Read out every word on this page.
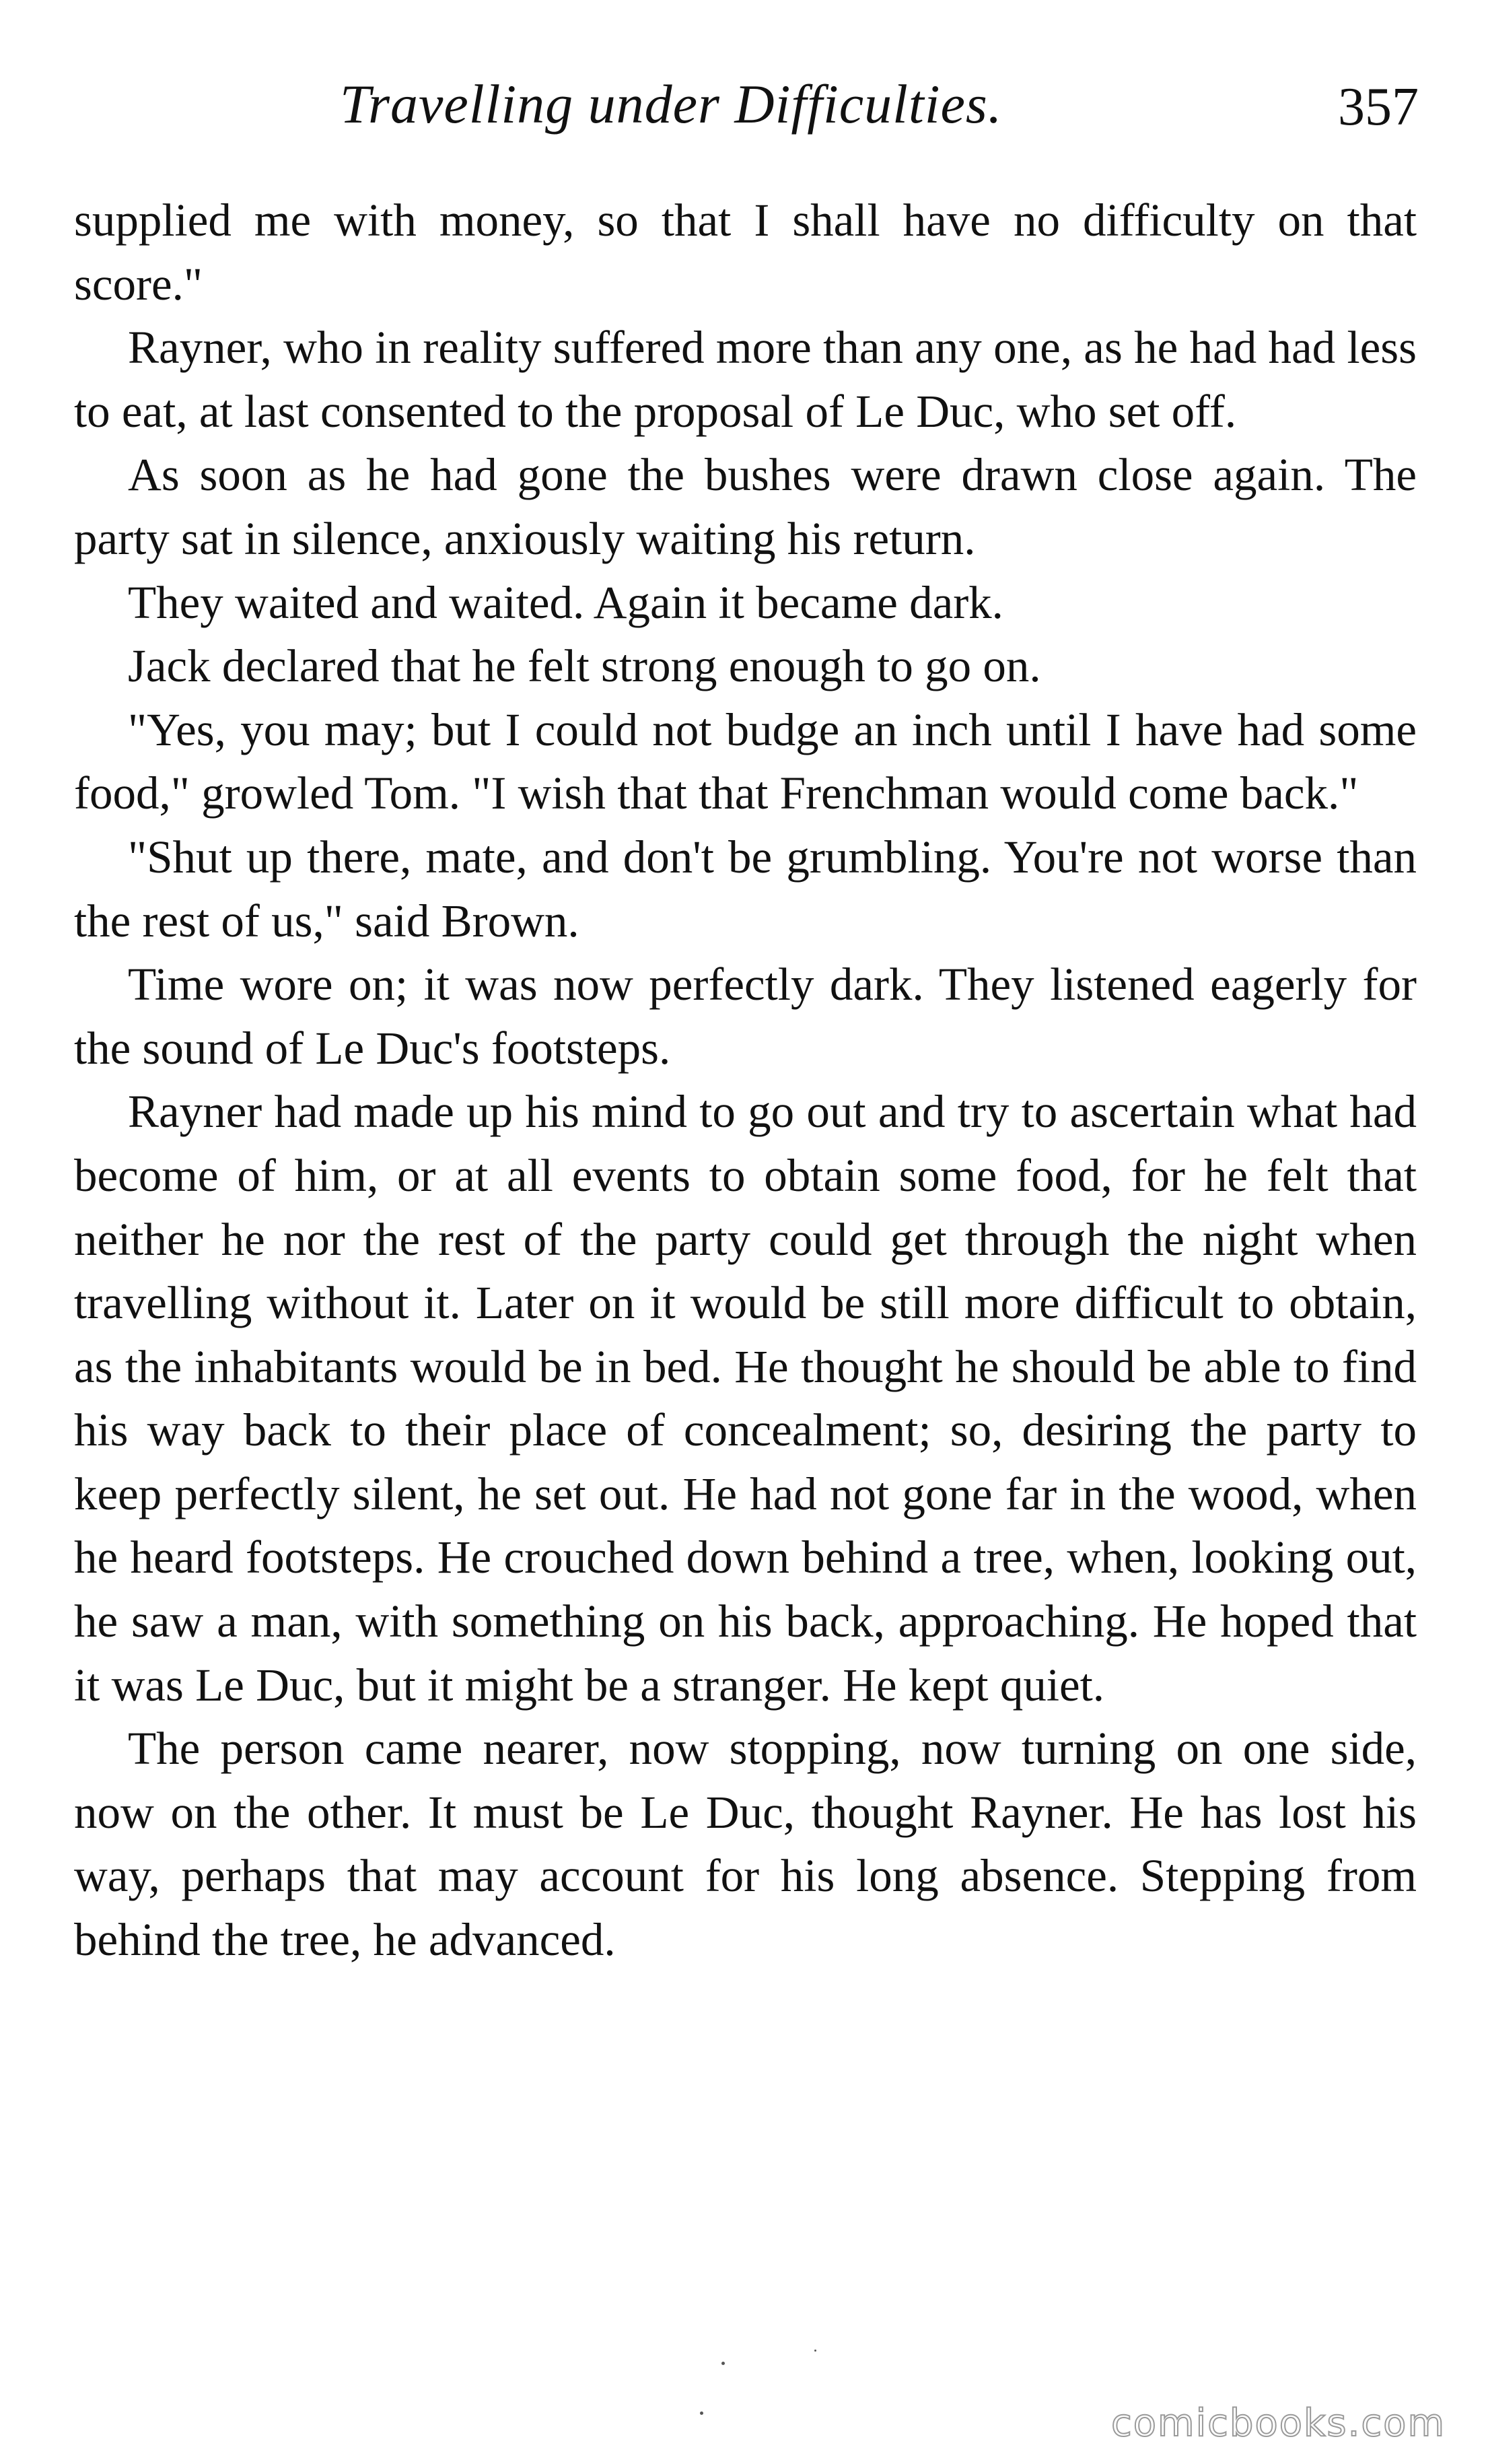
Travelling under Difficulties.	357

supplied me with money, so that I shall have no difficulty on that score."

Rayner, who in reality suffered more than any one, as he had had less to eat, at last consented to the proposal of Le Duc, who set off.

As soon as he had gone the bushes were drawn close again. The party sat in silence, anxiously waiting his return.

They waited and waited. Again it became dark.

Jack declared that he felt strong enough to go on.

"Yes, you may; but I could not budge an inch until I have had some food," growled Tom. "I wish that that Frenchman would come back."

"Shut up there, mate, and don't be grumbling. You're not worse than the rest of us," said Brown.

Time wore on; it was now perfectly dark. They listened eagerly for the sound of Le Duc's footsteps.

Rayner had made up his mind to go out and try to ascertain what had become of him, or at all events to obtain some food, for he felt that neither he nor the rest of the party could get through the night when travelling without it. Later on it would be still more difficult to obtain, as the inhabitants would be in bed. He thought he should be able to find his way back to their place of concealment; so, desiring the party to keep perfectly silent, he set out. He had not gone far in the wood, when he heard footsteps. He crouched down behind a tree, when, looking out, he saw a man, with something on his back, approaching. He hoped that it was Le Duc, but it might be a stranger. He kept quiet.

The person came nearer, now stopping, now turning on one side, now on the other. It must be Le Duc, thought Rayner. He has lost his way, perhaps that may account for his long absence. Stepping from behind the tree, he advanced.

comicbooks.com
